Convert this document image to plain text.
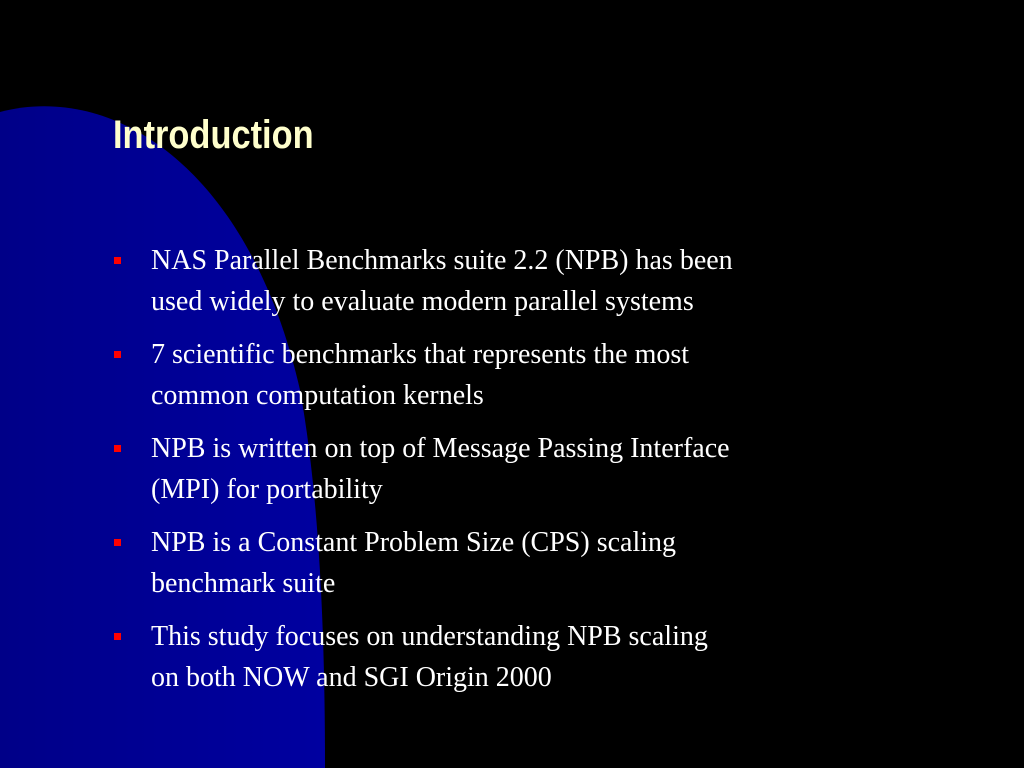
Introduction
NAS Parallel Benchmarks suite 2.2 (NPB) has been
used widely to evaluate modern parallel systems
7 scientific benchmarks that represents the most
common computation kernels
NPB is written on top of Message Passing Interface
(MPI) for portability
NPB is a Constant Problem Size (CPS) scaling
benchmark suite
This study focuses on understanding NPB scaling
on both NOW and SGI Origin 2000
